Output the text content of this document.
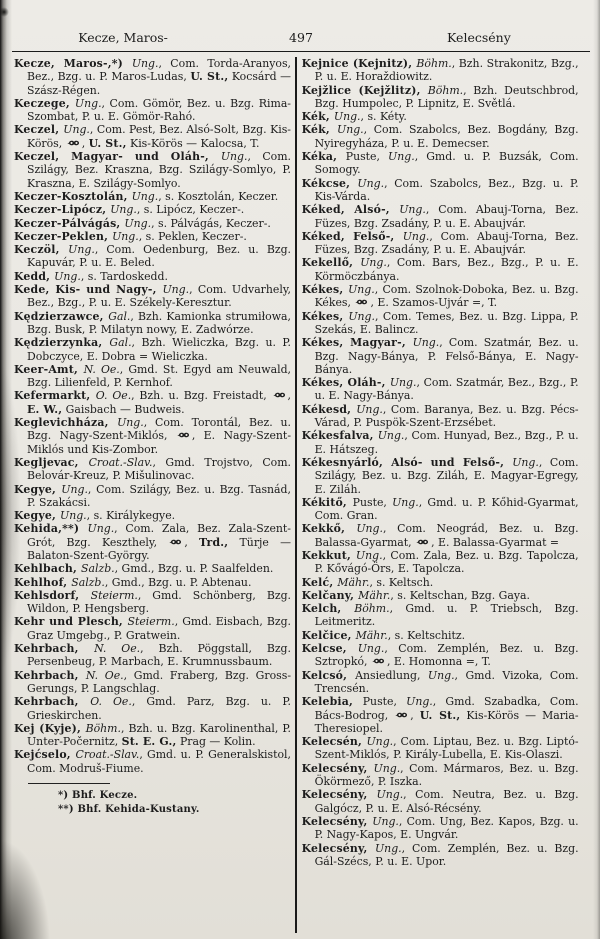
Kecze, Maros-	497	Kelecsény

Kecze, Maros-,*) Ung., Com. Torda-Aranyos, Bez., Bzg. u. P. Maros-Ludas, U. St., Kocsárd — Szász-Régen.

Keczege, Ung., Com. Gömör, Bez. u. Bzg. Rima-Szombat, P. u. E. Gömör-Rahó.

Keczel, Ung., Com. Pest, Bez. Alsó-Solt, Bzg. Kis-Körös, , U. St., Kis-Körös — Kalocsa, T.

Keczel, Magyar- und Oláh-, Ung., Com. Szilágy, Bez. Kraszna, Bzg. Szilágy-Somlyo, P. Kraszna, E. Szilágy-Somlyo.

Keczer-Kosztolán, Ung., s. Kosztolán, Keczer.

Keczer-Lipócz, Ung., s. Lipócz, Keczer-.

Keczer-Pálvágás, Ung., s. Pálvágás, Keczer-.

Keczer-Peklen, Ung., s. Peklen, Keczer-.

Keczöl, Ung., Com. Oedenburg, Bez. u. Bzg. Kapuvár, P. u. E. Beled.

Kedd, Ung., s. Tardoskedd.

Kede, Kis- und Nagy-, Ung., Com. Udvarhely, Bez., Bzg., P. u. E. Székely-Keresztur.

Kędzierzawce, Gal., Bzh. Kamionka strumiłowa, Bzg. Busk, P. Milatyn nowy, E. Zadwórze.

Kędzierzynka, Gal., Bzh. Wieliczka, Bzg. u. P. Dobczyce, E. Dobra = Wieliczka.

Keer-Amt, N. Oe., Gmd. St. Egyd am Neuwald, Bzg. Lilienfeld, P. Kernhof.

Kefermarkt, O. Oe., Bzh. u. Bzg. Freistadt, , E. W., Gaisbach — Budweis.

Keglevichháza, Ung., Com. Torontál, Bez. u. Bzg. Nagy-Szent-Miklós, , E. Nagy-Szent-Miklós und Kis-Zombor.

Kegljevac, Croat.-Slav., Gmd. Trojstvo, Com. Belovár-Kreuz, P. Mišulinovac.

Kegye, Ung., Com. Szilágy, Bez. u. Bzg. Tasnád, P. Szakácsi.

Kegye, Ung., s. Királykegye.

Kehida,**) Ung., Com. Zala, Bez. Zala-Szent-Grót, Bzg. Keszthely, , Trd., Türje — Balaton-Szent-György.

Kehlbach, Salzb., Gmd., Bzg. u. P. Saalfelden.

Kehlhof, Salzb., Gmd., Bzg. u. P. Abtenau.

Kehlsdorf, Steierm., Gmd. Schönberg, Bzg. Wildon, P. Hengsberg.

Kehr und Plesch, Steierm., Gmd. Eisbach, Bzg. Graz Umgebg., P. Gratwein.

Kehrbach, N. Oe., Bzh. Pöggstall, Bzg. Persenbeug, P. Marbach, E. Krumnussbaum.

Kehrbach, N. Oe., Gmd. Fraberg, Bzg. Gross-Gerungs, P. Langschlag.

Kehrbach, O. Oe., Gmd. Parz, Bzg. u. P. Grieskirchen.

Kej (Kyje), Böhm., Bzh. u. Bzg. Karolinenthal, P. Unter-Počernitz, St. E. G., Prag — Kolin.

Kejćselo, Croat.-Slav., Gmd. u. P. Generalskistol, Com. Modruš-Fiume.

*) Bhf. Kecze.

**) Bhf. Kehida-Kustany.

Kejnice (Kejnitz), Böhm., Bzh. Strakonitz, Bzg., P. u. E. Horaždiowitz.

Kejžlice (Kejžlitz), Böhm., Bzh. Deutschbrod, Bzg. Humpolec, P. Lipnitz, E. Světlá.

Kék, Ung., s. Kéty.

Kék, Ung., Com. Szabolcs, Bez. Bogdány, Bzg. Nyiregyháza, P. u. E. Demecser.

Kéka, Puste, Ung., Gmd. u. P. Buzsák, Com. Somogy.

Kékcse, Ung., Com. Szabolcs, Bez., Bzg. u. P. Kis-Várda.

Kéked, Alsó-, Ung., Com. Abauj-Torna, Bez. Füzes, Bzg. Zsadány, P. u. E. Abaujvár.

Kéked, Felső-, Ung., Com. Abauj-Torna, Bez. Füzes, Bzg. Zsadány, P. u. E. Abaujvár.

Kekellő, Ung., Com. Bars, Bez., Bzg., P. u. E. Körmöczbánya.

Kékes, Ung., Com. Szolnok-Doboka, Bez. u. Bzg. Kékes, , E. Szamos-Ujvár =, T.

Kékes, Ung., Com. Temes, Bez. u. Bzg. Lippa, P. Szekás, E. Balincz.

Kékes, Magyar-, Ung., Com. Szatmár, Bez. u. Bzg. Nagy-Bánya, P. Felső-Bánya, E. Nagy-Bánya.

Kékes, Oláh-, Ung., Com. Szatmár, Bez., Bzg., P. u. E. Nagy-Bánya.

Kékesd, Ung., Com. Baranya, Bez. u. Bzg. Pécs-Várad, P. Puspök-Szent-Erzsébet.

Kékesfalva, Ung., Com. Hunyad, Bez., Bzg., P. u. E. Hátszeg.

Kékesnyárló, Alsó- und Felső-, Ung., Com. Szilágy, Bez. u. Bzg. Ziláh, E. Magyar-Egregy, E. Ziláh.

Kékitő, Puste, Ung., Gmd. u. P. Kőhid-Gyarmat, Com. Gran.

Kekkő, Ung., Com. Neográd, Bez. u. Bzg. Balassa-Gyarmat, , E. Balassa-Gyarmat =

Kekkut, Ung., Com. Zala, Bez. u. Bzg. Tapolcza, P. Kővágó-Örs, E. Tapolcza.

Kelć, Mähr., s. Keltsch.

Kelčany, Mähr., s. Keltschan, Bzg. Gaya.

Kelch, Böhm., Gmd. u. P. Triebsch, Bzg. Leitmeritz.

Kelčice, Mähr., s. Keltschitz.

Kelcse, Ung., Com. Zemplén, Bez. u. Bzg. Sztropkó, , E. Homonna =, T.

Kelcsó, Ansiedlung, Ung., Gmd. Vizoka, Com. Trencsén.

Kelebia, Puste, Ung., Gmd. Szabadka, Com. Bács-Bodrog, , U. St., Kis-Körös — Maria-Theresiopel.

Kelecsén, Ung., Com. Liptau, Bez. u. Bzg. Liptó-Szent-Miklós, P. Király-Lubella, E. Kis-Olaszi.

Kelecsény, Ung., Com. Mármaros, Bez. u. Bzg. Ökörmező, P. Iszka.

Kelecsény, Ung., Com. Neutra, Bez. u. Bzg. Galgócz, P. u. E. Alsó-Récsény.

Kelecsény, Ung., Com. Ung, Bez. Kapos, Bzg. u. P. Nagy-Kapos, E. Ungvár.

Kelecsény, Ung., Com. Zemplén, Bez. u. Bzg. Gál-Szécs, P. u. E. Upor.
